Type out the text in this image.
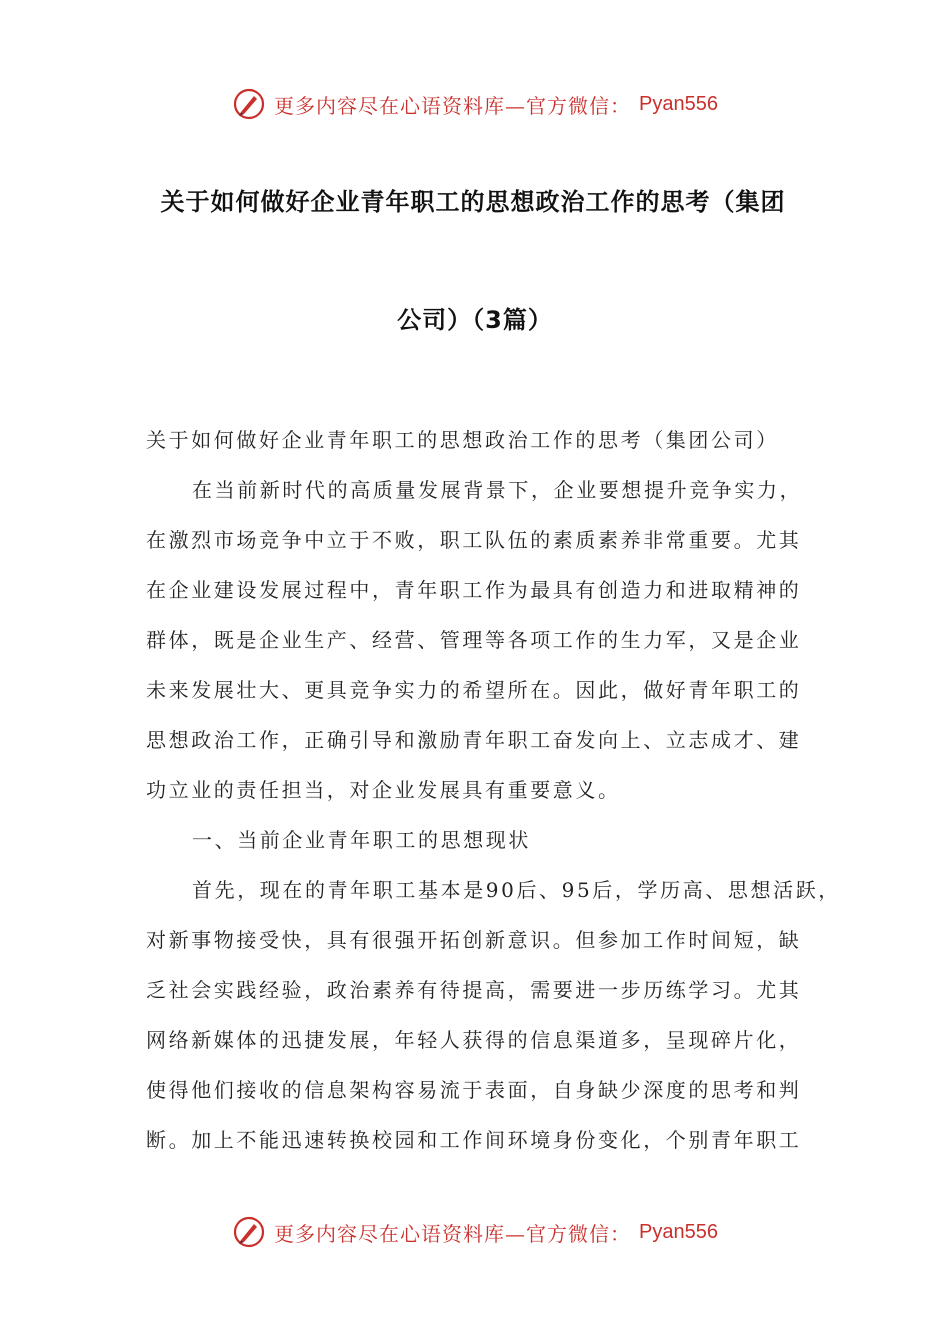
更多内容尽在心语资料库—官方微信： Pyan556
关于如何做好企业青年职工的思想政治工作的思考（集团
公司）（3篇）
关于如何做好企业青年职工的思想政治工作的思考（集团公司）
在当前新时代的高质量发展背景下，企业要想提升竞争实力，
在激烈市场竞争中立于不败，职工队伍的素质素养非常重要。尤其
在企业建设发展过程中，青年职工作为最具有创造力和进取精神的
群体，既是企业生产、经营、管理等各项工作的生力军，又是企业
未来发展壮大、更具竞争实力的希望所在。因此，做好青年职工的
思想政治工作，正确引导和激励青年职工奋发向上、立志成才、建
功立业的责任担当，对企业发展具有重要意义。
一、当前企业青年职工的思想现状
首先，现在的青年职工基本是90后、95后，学历高、思想活跃，
对新事物接受快，具有很强开拓创新意识。但参加工作时间短，缺
乏社会实践经验，政治素养有待提高，需要进一步历练学习。尤其
网络新媒体的迅捷发展，年轻人获得的信息渠道多，呈现碎片化，
使得他们接收的信息架构容易流于表面，自身缺少深度的思考和判
断。加上不能迅速转换校园和工作间环境身份变化，个别青年职工
更多内容尽在心语资料库—官方微信： Pyan556
